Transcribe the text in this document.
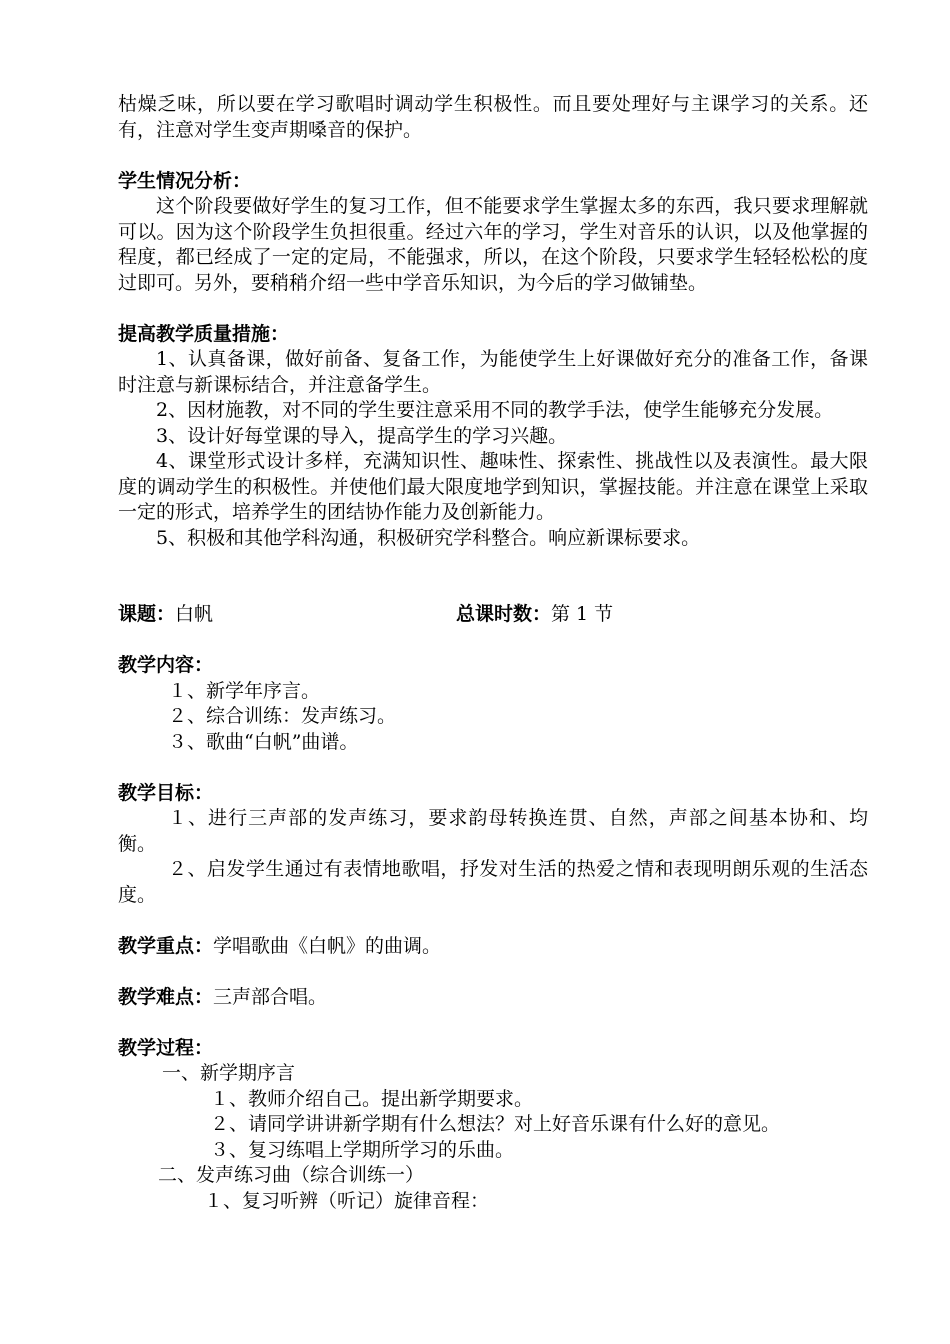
枯燥乏味，所以要在学习歌唱时调动学生积极性。而且要处理好与主课学习的关系。还有，注意对学生变声期嗓音的保护。

学生情况分析：

这个阶段要做好学生的复习工作，但不能要求学生掌握太多的东西，我只要求理解就可以。因为这个阶段学生负担很重。经过六年的学习，学生对音乐的认识，以及他掌握的程度，都已经成了一定的定局，不能强求，所以，在这个阶段，只要求学生轻轻松松的度过即可。另外，要稍稍介绍一些中学音乐知识，为今后的学习做铺垫。

提高教学质量措施：

1、认真备课，做好前备、复备工作，为能使学生上好课做好充分的准备工作，备课时注意与新课标结合，并注意备学生。

2、因材施教，对不同的学生要注意采用不同的教学手法，使学生能够充分发展。

3、设计好每堂课的导入，提高学生的学习兴趣。

4、课堂形式设计多样，充满知识性、趣味性、探索性、挑战性以及表演性。最大限度的调动学生的积极性。并使他们最大限度地学到知识，掌握技能。并注意在课堂上采取一定的形式，培养学生的团结协作能力及创新能力。

5、积极和其他学科沟通，积极研究学科整合。响应新课标要求。

课题：白帆	总课时数：第 1 节

教学内容：

１、新学年序言。

２、综合训练：发声练习。

３、歌曲“白帆”曲谱。

教学目标：

１、进行三声部的发声练习，要求韵母转换连贯、自然，声部之间基本协和、均衡。

２、启发学生通过有表情地歌唱，抒发对生活的热爱之情和表现明朗乐观的生活态度。

教学重点：学唱歌曲《白帆》的曲调。

教学难点：三声部合唱。

教学过程：

一、新学期序言

１、教师介绍自己。提出新学期要求。

２、请同学讲讲新学期有什么想法？对上好音乐课有什么好的意见。

３、复习练唱上学期所学习的乐曲。

二、发声练习曲（综合训练一）

１、复习听辨（听记）旋律音程：
